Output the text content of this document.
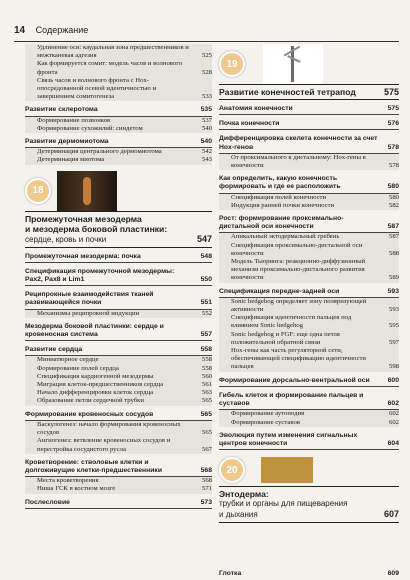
14 Содержание
Удлинение оси: каудальная зона предшественников и межтканевая адгезия	525
Как формируется сомит: модель часов и волнового фронта	528
Связь часов и волнового фронта с Hox-опосредованной осевой идентичностью и завершением сомитогенеза	533
Развитие склеротома	535
Формирование позвонков	537
Формирование сухожилий: синдетом	540
Развитие дермомиотома	540
Детерминация центрального дермомиотома	542
Детерминация миотома	543
18
Промежуточная мезодерма
и мезодерма боковой пластинки:
сердце, кровь и почки	547
Промежуточная мезодерма: почка	548
Спецификация промежуточной мезодермы: Pax2, Pax8 и Lim1	550
Реципрокные взаимодействия тканей развивающейся почки	551
Механизмы реципрокной индукции	552
Мезодерма боковой пластинки: сердце и кровеносная система	557
Развитие сердца	558
Миниатюрное сердце	558
Формирование полей сердца	558
Спецификация кардиогенной мезодермы	560
Миграция клеток-предшественников сердца	561
Начало дифференцировки клеток сердца	563
Образование петли сердечной трубки	565
Формирование кровеносных сосудов	565
Васкулогенез: начало формирования кровеносных сосудов	565
Ангиогенез: ветвление кровеносных сосудов и перестройка сосудистого русла	567
Кроветворение: стволовые клетки и долгоживущие клетки-предшественники	568
Места кроветворения	568
Ниша ГСК в костном мозге	571
Послесловие	573
19
Развитие конечностей тетрапод	575
Анатомия конечности	575
Почка конечности	576
Дифференцировка скелета конечности за счет Hox-генов	578
От проксимального к дистальному: Hox-гены в конечности	578
Как определить, какую конечность формировать и где ее расположить	580
Спецификация полей конечности	580
Индукция ранней почки конечности	582
Рост: формирование проксимально-дистальной оси конечности	587
Апикальный эктодермальный гребень	587
Спецификация проксимально-дистальной оси конечности	588
Модель Тьюринга: реакционно-диффузионный механизм проксимально-дистального развития конечности	589
Спецификация передне-задней оси	593
Sonic hedgehog определяет зону поляризующей активности	593
Спецификация идентичности пальцев под влиянием Sonic hedgehog	595
Sonic hedgehog и FGF: еще одна петля положительной обратной связи	597
Hox-гены как часть регуляторной сети, обеспечивающей спецификацию идентичности пальцев	598
Формирование дорсально-вентральной оси	600
Гибель клеток и формирование пальцев и суставов	602
Формирование аутоподия	602
Формирование суставов	602
Эволюция путем изменения сигнальных центров конечности	604
20
Энтодерма:
трубки и органы для пищеварения
и дыхания	607
Глотка	609
